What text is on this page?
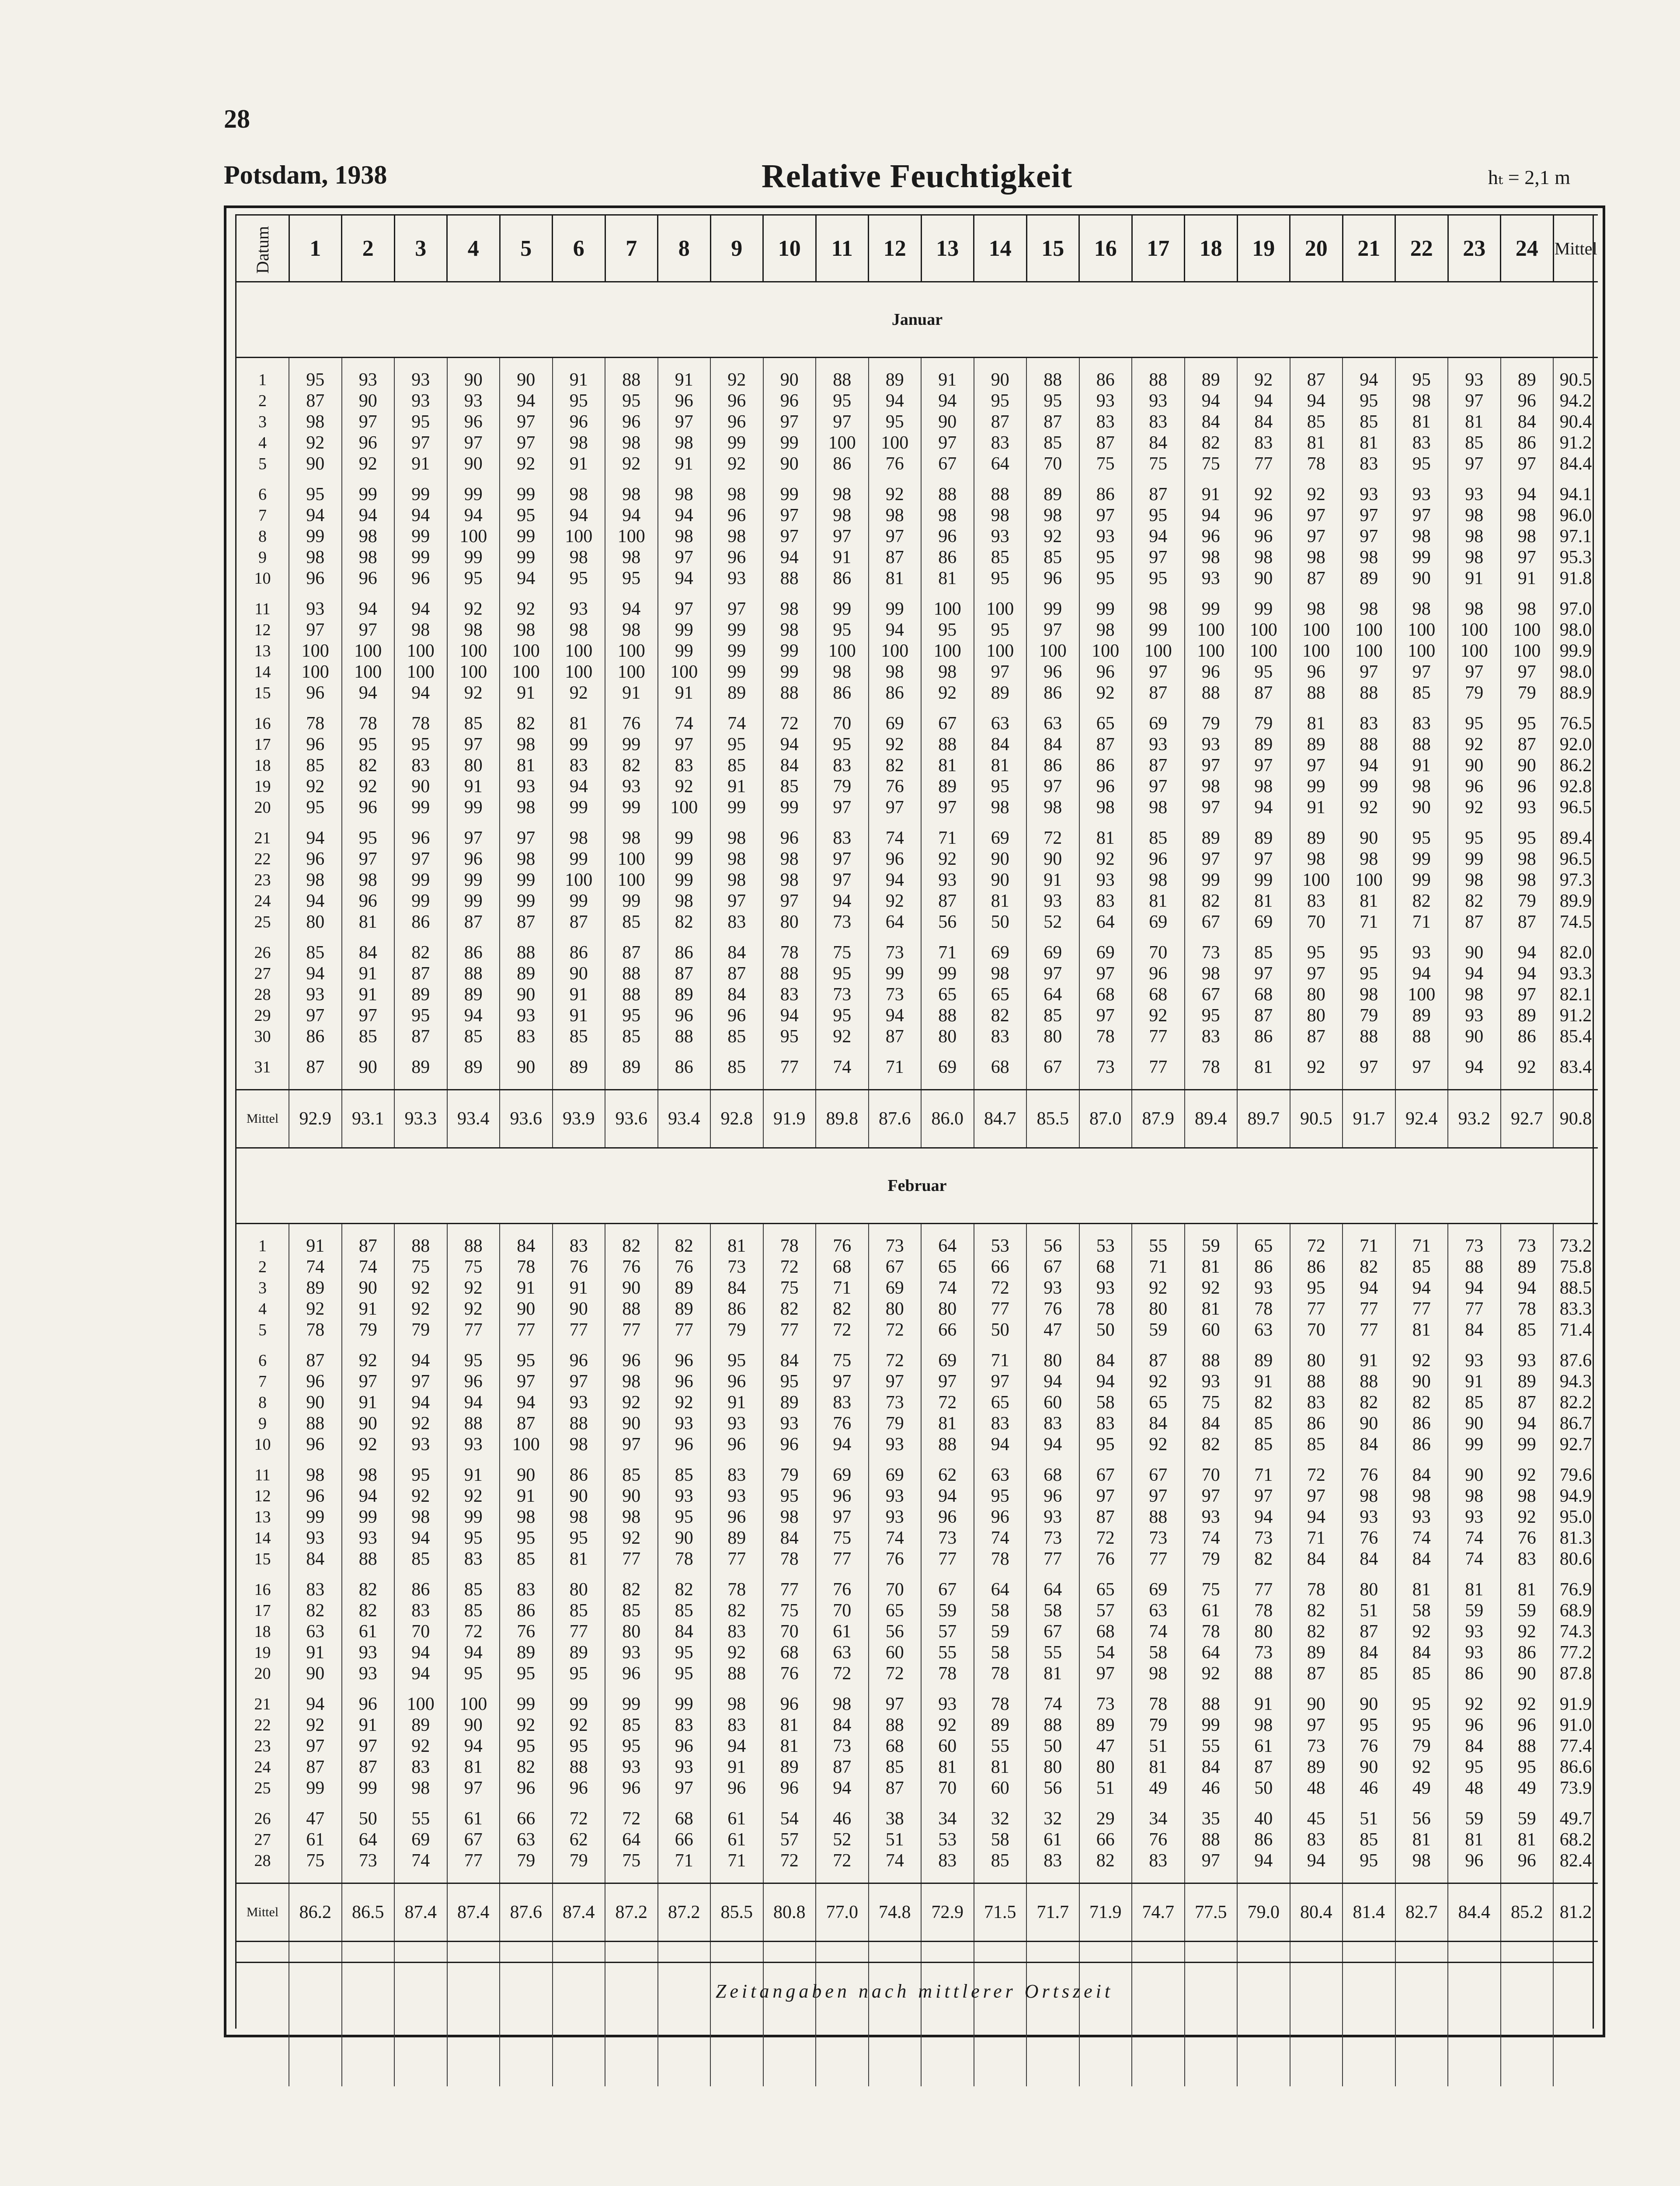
28
Potsdam, 1938	Relative Feuchtigkeit	hₜ = 2,1 m
Datum	1	2	3	4	5	6	7	8	9	10	11	12	13	14	15	16	17	18	19	20	21	22	23	24	Mittel
Januar																									

1	95	93	93	90	90	91	88	91	92	90	88	89	91	90	88	86	88	89	92	87	94	95	93	89	90.5
2	87	90	93	93	94	95	95	96	96	96	95	94	94	95	95	93	93	94	94	94	95	98	97	96	94.2
3	98	97	95	96	97	96	96	97	96	97	97	95	90	87	87	83	83	84	84	85	85	81	81	84	90.4
4	92	96	97	97	97	98	98	98	99	99	100	100	97	83	85	87	84	82	83	81	81	83	85	86	91.2
5	90	92	91	90	92	91	92	91	92	90	86	76	67	64	70	75	75	75	77	78	83	95	97	97	84.4

6	95	99	99	99	99	98	98	98	98	99	98	92	88	88	89	86	87	91	92	92	93	93	93	94	94.1
7	94	94	94	94	95	94	94	94	96	97	98	98	98	98	98	97	95	94	96	97	97	97	98	98	96.0
8	99	98	99	100	99	100	100	98	98	97	97	97	96	93	92	93	94	96	96	97	97	98	98	98	97.1
9	98	98	99	99	99	98	98	97	96	94	91	87	86	85	85	95	97	98	98	98	98	99	98	97	95.3
10	96	96	96	95	94	95	95	94	93	88	86	81	81	95	96	95	95	93	90	87	89	90	91	91	91.8

11	93	94	94	92	92	93	94	97	97	98	99	99	100	100	99	99	98	99	99	98	98	98	98	98	97.0
12	97	97	98	98	98	98	98	99	99	98	95	94	95	95	97	98	99	100	100	100	100	100	100	100	98.0
13	100	100	100	100	100	100	100	99	99	99	100	100	100	100	100	100	100	100	100	100	100	100	100	100	99.9
14	100	100	100	100	100	100	100	100	99	99	98	98	98	97	96	96	97	96	95	96	97	97	97	97	98.0
15	96	94	94	92	91	92	91	91	89	88	86	86	92	89	86	92	87	88	87	88	88	85	79	79	88.9

16	78	78	78	85	82	81	76	74	74	72	70	69	67	63	63	65	69	79	79	81	83	83	95	95	76.5
17	96	95	95	97	98	99	99	97	95	94	95	92	88	84	84	87	93	93	89	89	88	88	92	87	92.0
18	85	82	83	80	81	83	82	83	85	84	83	82	81	81	86	86	87	97	97	97	94	91	90	90	86.2
19	92	92	90	91	93	94	93	92	91	85	79	76	89	95	97	96	97	98	98	99	99	98	96	96	92.8
20	95	96	99	99	98	99	99	100	99	99	97	97	97	98	98	98	98	97	94	91	92	90	92	93	96.5

21	94	95	96	97	97	98	98	99	98	96	83	74	71	69	72	81	85	89	89	89	90	95	95	95	89.4
22	96	97	97	96	98	99	100	99	98	98	97	96	92	90	90	92	96	97	97	98	98	99	99	98	96.5
23	98	98	99	99	99	100	100	99	98	98	97	94	93	90	91	93	98	99	99	100	100	99	98	98	97.3
24	94	96	99	99	99	99	99	98	97	97	94	92	87	81	93	83	81	82	81	83	81	82	82	79	89.9
25	80	81	86	87	87	87	85	82	83	80	73	64	56	50	52	64	69	67	69	70	71	71	87	87	74.5

26	85	84	82	86	88	86	87	86	84	78	75	73	71	69	69	69	70	73	85	95	95	93	90	94	82.0
27	94	91	87	88	89	90	88	87	87	88	95	99	99	98	97	97	96	98	97	97	95	94	94	94	93.3
28	93	91	89	89	90	91	88	89	84	83	73	73	65	65	64	68	68	67	68	80	98	100	98	97	82.1
29	97	97	95	94	93	91	95	96	96	94	95	94	88	82	85	97	92	95	87	80	79	89	93	89	91.2
30	86	85	87	85	83	85	85	88	85	95	92	87	80	83	80	78	77	83	86	87	88	88	90	86	85.4

31	87	90	89	89	90	89	89	86	85	77	74	71	69	68	67	73	77	78	81	92	97	97	94	92	83.4

Mittel	92.9	93.1	93.3	93.4	93.6	93.9	93.6	93.4	92.8	91.9	89.8	87.6	86.0	84.7	85.5	87.0	87.9	89.4	89.7	90.5	91.7	92.4	93.2	92.7	90.8
Februar																									

1	91	87	88	88	84	83	82	82	81	78	76	73	64	53	56	53	55	59	65	72	71	71	73	73	73.2
2	74	74	75	75	78	76	76	76	73	72	68	67	65	66	67	68	71	81	86	86	82	85	88	89	75.8
3	89	90	92	92	91	91	90	89	84	75	71	69	74	72	93	93	92	92	93	95	94	94	94	94	88.5
4	92	91	92	92	90	90	88	89	86	82	82	80	80	77	76	78	80	81	78	77	77	77	77	78	83.3
5	78	79	79	77	77	77	77	77	79	77	72	72	66	50	47	50	59	60	63	70	77	81	84	85	71.4

6	87	92	94	95	95	96	96	96	95	84	75	72	69	71	80	84	87	88	89	80	91	92	93	93	87.6
7	96	97	97	96	97	97	98	96	96	95	97	97	97	97	94	94	92	93	91	88	88	90	91	89	94.3
8	90	91	94	94	94	93	92	92	91	89	83	73	72	65	60	58	65	75	82	83	82	82	85	87	82.2
9	88	90	92	88	87	88	90	93	93	93	76	79	81	83	83	83	84	84	85	86	90	86	90	94	86.7
10	96	92	93	93	100	98	97	96	96	96	94	93	88	94	94	95	92	82	85	85	84	86	99	99	92.7

11	98	98	95	91	90	86	85	85	83	79	69	69	62	63	68	67	67	70	71	72	76	84	90	92	79.6
12	96	94	92	92	91	90	90	93	93	95	96	93	94	95	96	97	97	97	97	97	98	98	98	98	94.9
13	99	99	98	99	98	98	98	95	96	98	97	93	96	96	93	87	88	93	94	94	93	93	93	92	95.0
14	93	93	94	95	95	95	92	90	89	84	75	74	73	74	73	72	73	74	73	71	76	74	74	76	81.3
15	84	88	85	83	85	81	77	78	77	78	77	76	77	78	77	76	77	79	82	84	84	84	74	83	80.6

16	83	82	86	85	83	80	82	82	78	77	76	70	67	64	64	65	69	75	77	78	80	81	81	81	76.9
17	82	82	83	85	86	85	85	85	82	75	70	65	59	58	58	57	63	61	78	82	51	58	59	59	68.9
18	63	61	70	72	76	77	80	84	83	70	61	56	57	59	67	68	74	78	80	82	87	92	93	92	74.3
19	91	93	94	94	89	89	93	95	92	68	63	60	55	58	55	54	58	64	73	89	84	84	93	86	77.2
20	90	93	94	95	95	95	96	95	88	76	72	72	78	78	81	97	98	92	88	87	85	85	86	90	87.8

21	94	96	100	100	99	99	99	99	98	96	98	97	93	78	74	73	78	88	91	90	90	95	92	92	91.9
22	92	91	89	90	92	92	85	83	83	81	84	88	92	89	88	89	79	99	98	97	95	95	96	96	91.0
23	97	97	92	94	95	95	95	96	94	81	73	68	60	55	50	47	51	55	61	73	76	79	84	88	77.4
24	87	87	83	81	82	88	93	93	91	89	87	85	81	81	80	80	81	84	87	89	90	92	95	95	86.6
25	99	99	98	97	96	96	96	97	96	96	94	87	70	60	56	51	49	46	50	48	46	49	48	49	73.9

26	47	50	55	61	66	72	72	68	61	54	46	38	34	32	32	29	34	35	40	45	51	56	59	59	49.7
27	61	64	69	67	63	62	64	66	61	57	52	51	53	58	61	66	76	88	86	83	85	81	81	81	68.2
28	75	73	74	77	79	79	75	71	71	72	72	74	83	85	83	82	83	97	94	94	95	98	96	96	82.4

Mittel	86.2	86.5	87.4	87.4	87.6	87.4	87.2	87.2	85.5	80.8	77.0	74.8	72.9	71.5	71.7	71.9	74.7	77.5	79.0	80.4	81.4	82.7	84.4	85.2	81.2

Zeitangaben nach mittlerer Ortszeit
